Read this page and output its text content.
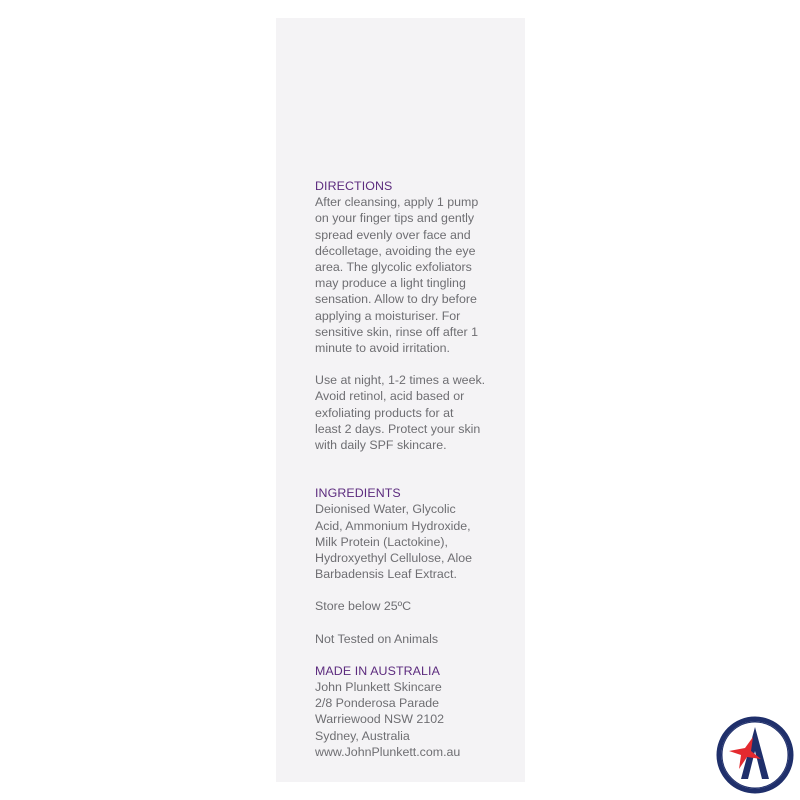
DIRECTIONS

After cleansing, apply 1 pump
on your finger tips and gently
spread evenly over face and
décolletage, avoiding the eye
area. The glycolic exfoliators
may produce a light tingling
sensation. Allow to dry before
applying a moisturiser. For
sensitive skin, rinse off after 1
minute to avoid irritation.

Use at night, 1-2 times a week.
Avoid retinol, acid based or
exfoliating products for at
least 2 days. Protect your skin
with daily SPF skincare.

INGREDIENTS

Deionised Water, Glycolic
Acid, Ammonium Hydroxide,
Milk Protein (Lactokine),
Hydroxyethyl Cellulose, Aloe
Barbadensis Leaf Extract.

Store below 25ºC

Not Tested on Animals

MADE IN AUSTRALIA

John Plunkett Skincare
2/8 Ponderosa Parade
Warriewood NSW 2102
Sydney, Australia
www.JohnPlunkett.com.au
